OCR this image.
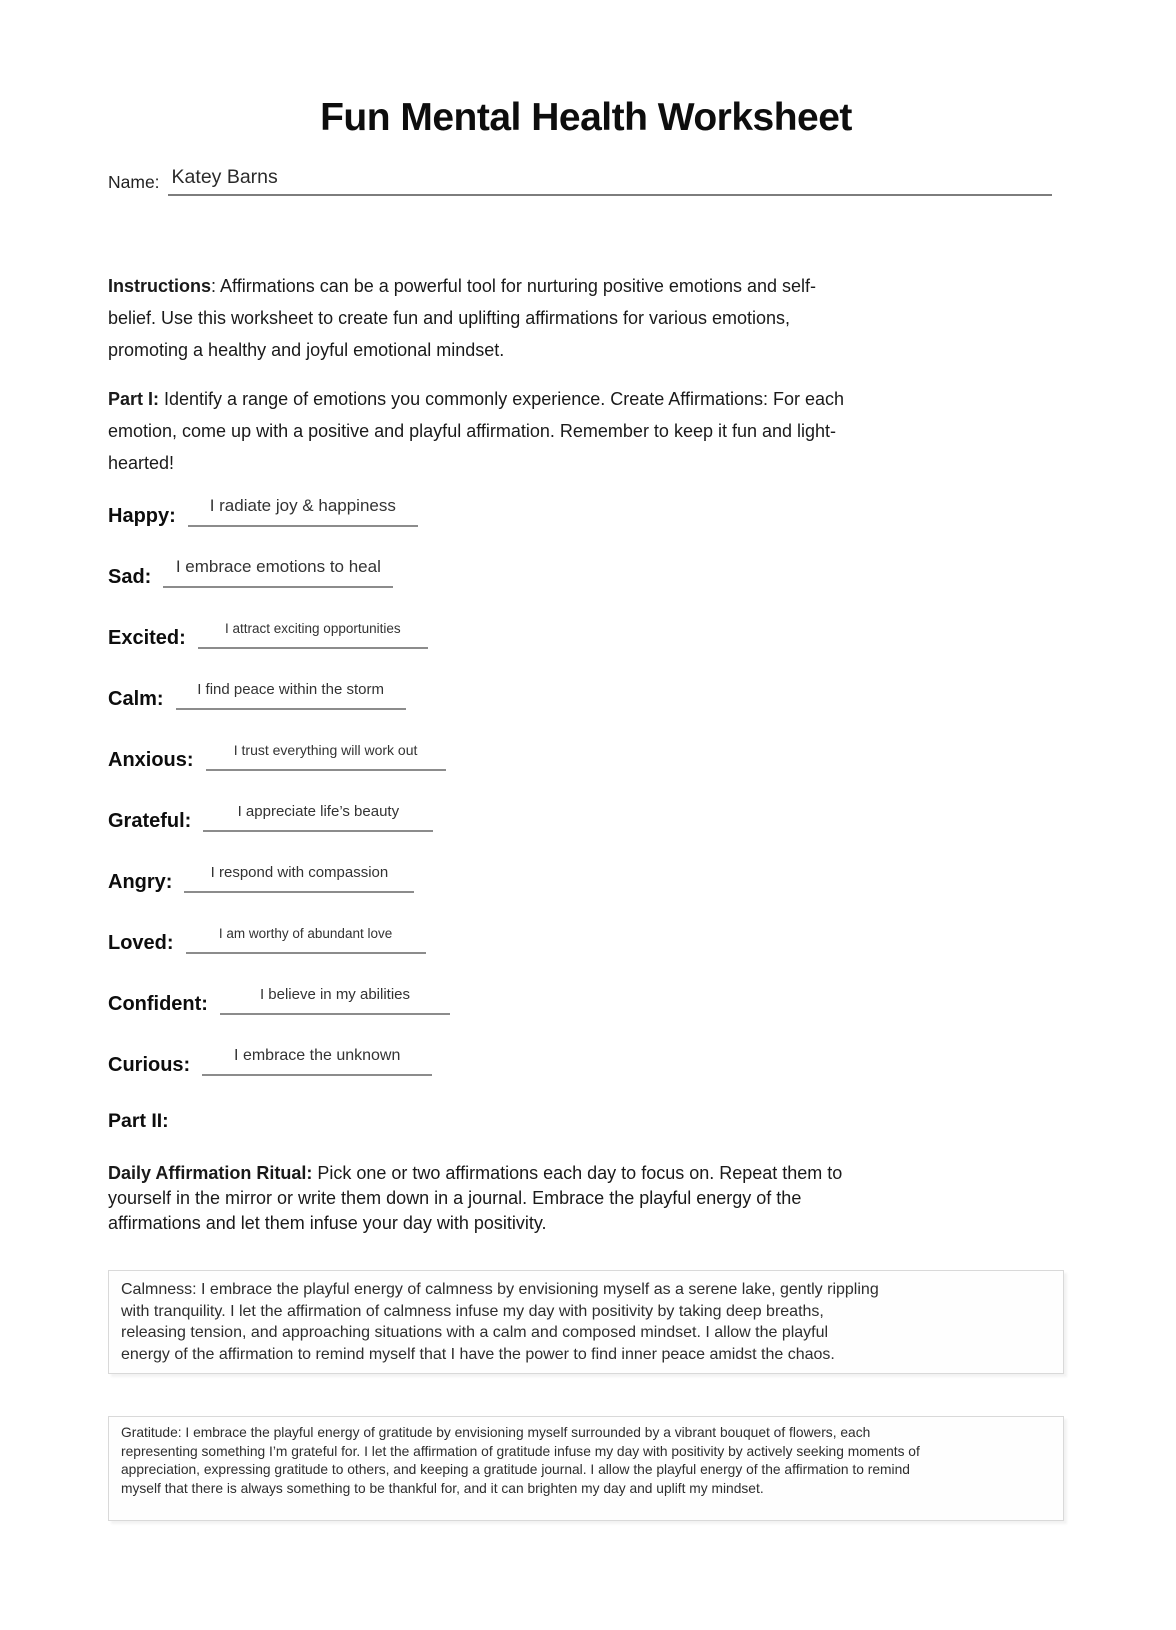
Fun Mental Health Worksheet
Name: Katey Barns
Instructions: Affirmations can be a powerful tool for nurturing positive emotions and self-
belief. Use this worksheet to create fun and uplifting affirmations for various emotions,
promoting a healthy and joyful emotional mindset.
Part I: Identify a range of emotions you commonly experience. Create Affirmations: For each
emotion, come up with a positive and playful affirmation. Remember to keep it fun and light-
hearted!
Happy:	I radiate joy & happiness
Sad:	I embrace emotions to heal
Excited:	I attract exciting opportunities
Calm:	I find peace within the storm
Anxious:	I trust everything will work out
Grateful:	I appreciate life’s beauty
Angry:	I respond with compassion
Loved:	I am worthy of abundant love
Confident:	I believe in my abilities
Curious:	I embrace the unknown
Part II:
Daily Affirmation Ritual: Pick one or two affirmations each day to focus on. Repeat them to
yourself in the mirror or write them down in a journal. Embrace the playful energy of the
affirmations and let them infuse your day with positivity.
Calmness: I embrace the playful energy of calmness by envisioning myself as a serene lake, gently rippling
with tranquility. I let the affirmation of calmness infuse my day with positivity by taking deep breaths,
releasing tension, and approaching situations with a calm and composed mindset. I allow the playful
energy of the affirmation to remind myself that I have the power to find inner peace amidst the chaos.
Gratitude: I embrace the playful energy of gratitude by envisioning myself surrounded by a vibrant bouquet of flowers, each
representing something I’m grateful for. I let the affirmation of gratitude infuse my day with positivity by actively seeking moments of
appreciation, expressing gratitude to others, and keeping a gratitude journal. I allow the playful energy of the affirmation to remind
myself that there is always something to be thankful for, and it can brighten my day and uplift my mindset.
